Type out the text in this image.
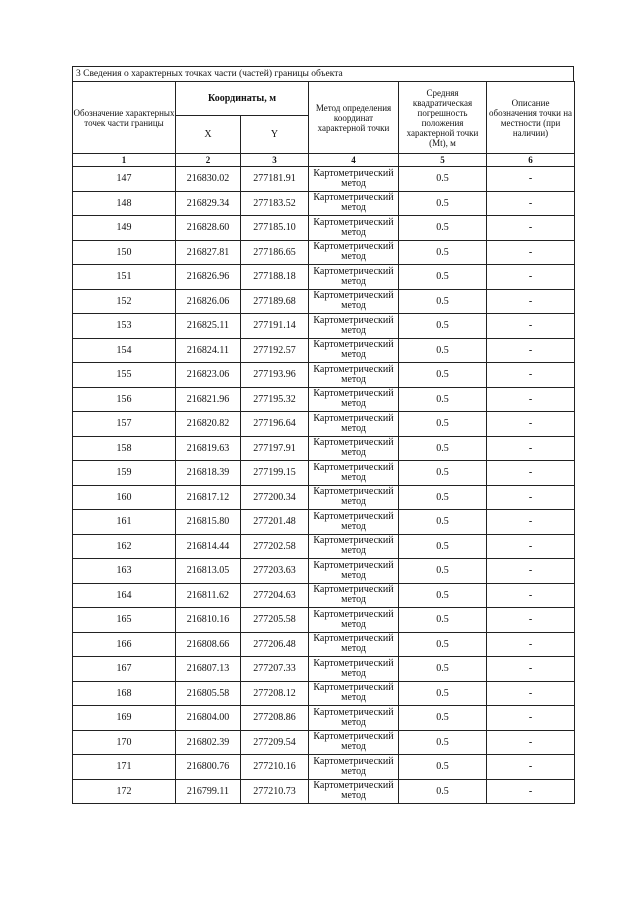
3 Сведения о характерных точках части (частей) границы объекта
Обозначение характерных точек части границы	Координаты, м		Метод определения координат характерной точки	Средняя квадратическая погрешность положения характерной точки (Mt), м	Описание обозначения точки на местности (при наличии)
	X	Y			
1	2	3	4	5	6
147	216830.02	277181.91	Картометрический метод	0.5	-
148	216829.34	277183.52	Картометрический метод	0.5	-
149	216828.60	277185.10	Картометрический метод	0.5	-
150	216827.81	277186.65	Картометрический метод	0.5	-
151	216826.96	277188.18	Картометрический метод	0.5	-
152	216826.06	277189.68	Картометрический метод	0.5	-
153	216825.11	277191.14	Картометрический метод	0.5	-
154	216824.11	277192.57	Картометрический метод	0.5	-
155	216823.06	277193.96	Картометрический метод	0.5	-
156	216821.96	277195.32	Картометрический метод	0.5	-
157	216820.82	277196.64	Картометрический метод	0.5	-
158	216819.63	277197.91	Картометрический метод	0.5	-
159	216818.39	277199.15	Картометрический метод	0.5	-
160	216817.12	277200.34	Картометрический метод	0.5	-
161	216815.80	277201.48	Картометрический метод	0.5	-
162	216814.44	277202.58	Картометрический метод	0.5	-
163	216813.05	277203.63	Картометрический метод	0.5	-
164	216811.62	277204.63	Картометрический метод	0.5	-
165	216810.16	277205.58	Картометрический метод	0.5	-
166	216808.66	277206.48	Картометрический метод	0.5	-
167	216807.13	277207.33	Картометрический метод	0.5	-
168	216805.58	277208.12	Картометрический метод	0.5	-
169	216804.00	277208.86	Картометрический метод	0.5	-
170	216802.39	277209.54	Картометрический метод	0.5	-
171	216800.76	277210.16	Картометрический метод	0.5	-
172	216799.11	277210.73	Картометрический метод	0.5	-
